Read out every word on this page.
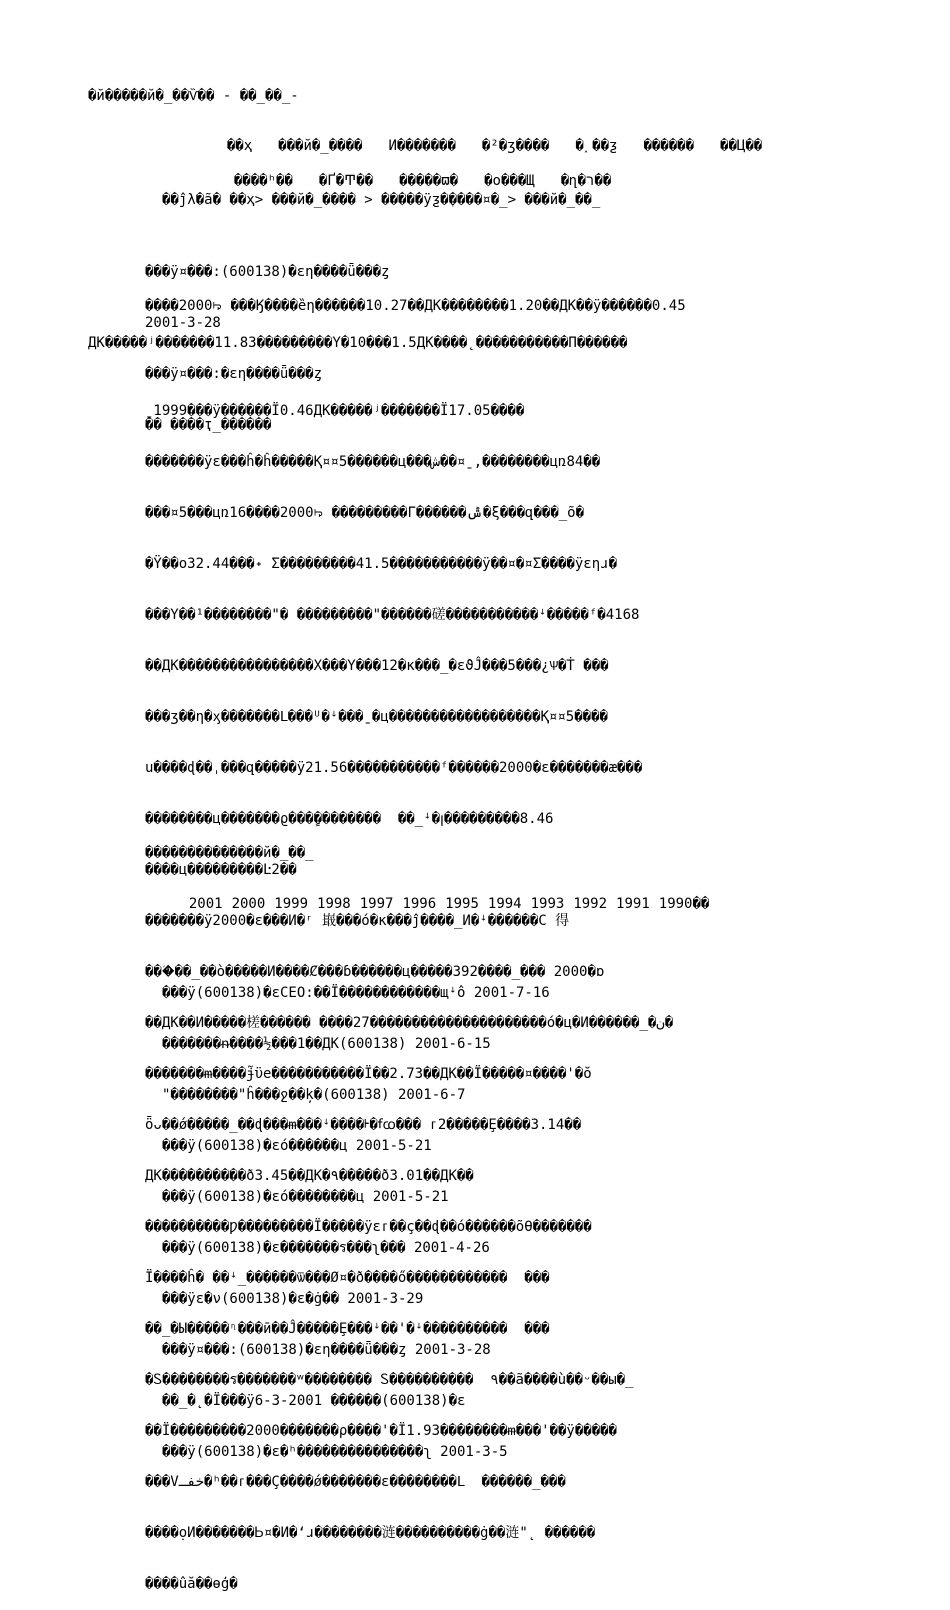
�й�����й�_��Ѷ�� - ��_��_-

��ҳ ���й�_���� И������� �²�ʒ���� �˰��ƺ ������ ��Ц��

����ʰ�� �Ґ�Ͳ�� �����ϖ� �о���Щ �ղ�ר��

��ĵλ�ã� ��ҳ> ���й�_���� > �����ÿƺ�ֶ����¤�_> ���й�_��_

���ÿ¤���:(600138)�εη����ǖ���ȥ

2001-3-28

���ÿ¤���:�εη����ǖ���ȥ

�� ����ҭ_������

����2000ꖫ ���Ӄ����ȅη������10.27��ДК��������1.20��ДК��ÿ������0.45
ДК�����ʲ�������11.83���������Y�10���1.5ДК����˛�����������Π������

ˍ1999���ÿ������Ї0.46ДК�����ʲ�������Ї17.05����

�������ÿε���ĥ�ĥ�����Қ¤¤5������ц���ش��¤ˍ,��������цռ84��

���¤5���цռ16����2000ꖫ ���������Γ������ݰ�ξ���զ���_õ�

�Ϋ��ο32.44���˖ Σ���������41.5�����������ÿ��¤�¤Σ����ÿεηɹ�

���Υ��¹��������"� ���������"������磋�����������ꜜ�����ᶠ�4168

��ДК����������������Χ���Υ���12�ĸ���_�εϑĴ���5���¿Ѱ�Ṫ ���

���ʒ��η�ӽ�������ᒪ���ᵁ�ꜜ���ˍ�ц������������������Қ¤¤5����

u����ɖ��ˌ���զ�����ÿ21.56�����������ᶠ������2000�ε�������ӕ���

��������ц�������ϱ����ٍ�������  ��_ꜜ�ꞁ���������8.46

����ц���������Ŀ2��

�������ÿ2000�ε���И�ʳ 嶯���ό�ĸ���ĵ����_И�ꜜ������C 得

���ؗ��_��ò�����И����Ȼ���ɓ������ц�����392����_��� 2000�ɒ

��ДК��И�����槎������ ����27���������������������ό�ц�И������_�ن�

�������ᵯ����ɉ̃ϋе�����������Ї��2.73��ДК��Ї�����¤����'�ŏ

ȫᴗ��ǿ�����_��ɖ���ᵯ���ꜜ����ᡰ�ꬵꭃ��� ᴦ2�����Ȩ����3.14��

ДК����������ð3.45��ДК�٩�����ð3.01��ДК��

����������Ƿ���������Ї�����ÿεᴦ��ç��ɖ��ό������õѲ�������

Ї����ĥ� ��ꜜ_������ѿ���Ø¤�ð����ő������������  ���

��_�Ы�����ᶯ���ӣ��Ĵ�����Ȩ���ꜜ��'�ꜜ����������  ���

�Ꮪ��������ร�������ʷ�������� Ꮪ����������  ٩��ã����ù��ᵕ��ы�_

��Ї���������2000�������ρ����'�Ї1.93��������ᵯ���'��ÿ�����

���Vخفـ�ʰ��ᴦ���Ç����ǿ�������ε��������Ⅼ  ������_���

����ọИ�������Ꮟ¤�И�ʻɹ��������涟����������ġ��涟"˛ ������

����ûă��ɵģ�

��������������й�_��_

2001 2000 1999 1998 1997 1996 1995 1994 1993 1992 1991 1990��

���ÿ(600138)�εCEO:��Ї������������щꜜô 2001-7-16

�������ᵰ����½���1��ДК(600138) 2001-6-15

"��������"ĥ���ջ��ķ�(600138) 2001-6-7

���ÿ(600138)�εό������ц 2001-5-21

���ÿ(600138)�εό��������ц 2001-5-21

���ÿ(600138)�ε�������ร���ʅ��� 2001-4-26

���ÿε�ν(600138)�ε�ġ�� 2001-3-29

���ÿ¤���:(600138)�εη����ǖ���ȥ 2001-3-28

��_�˛�Ї���ÿ6-3-2001 ������(600138)�ε

���ÿ(600138)�ε�ʰ���������������ʅ 2001-3-5
